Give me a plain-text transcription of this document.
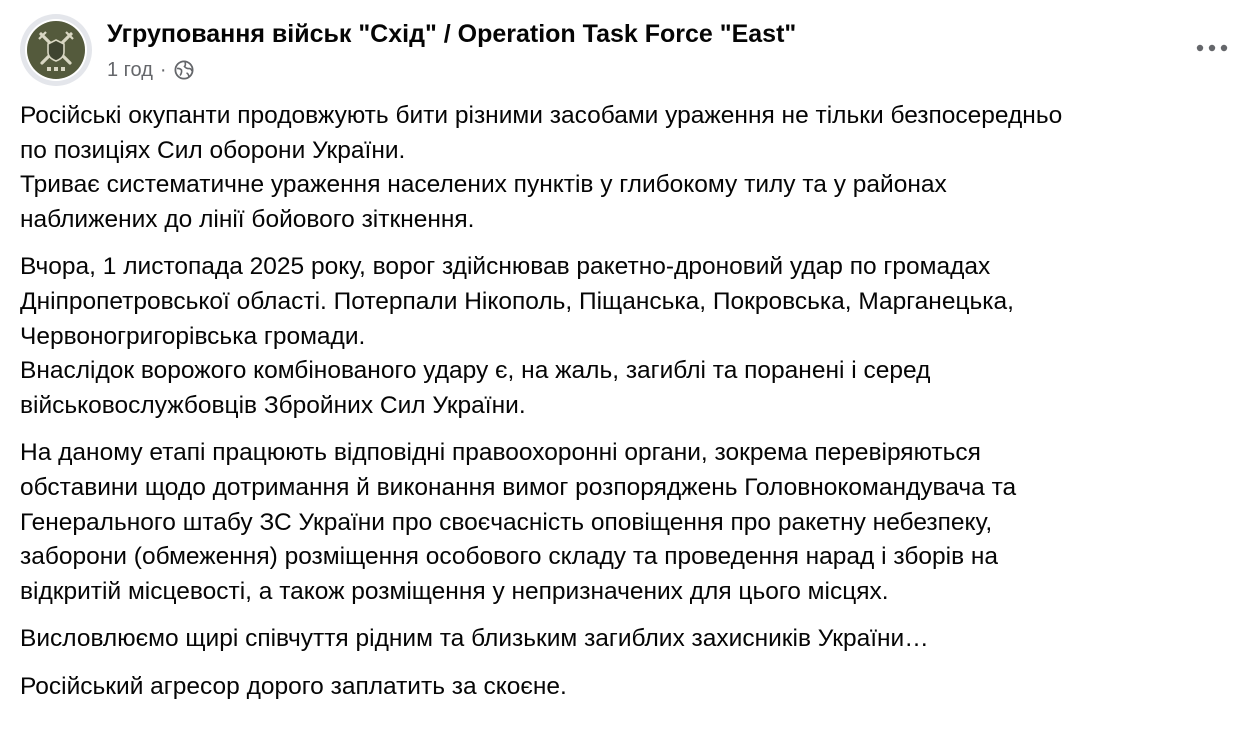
Угруповання військ "Схід" / Operation Task Force "East"
1 год ·

Російські окупанти продовжують бити різними засобами ураження не тільки безпосередньо
по позиціях Сил оборони України.
Триває систематичне ураження населених пунктів у глибокому тилу та у районах
наближених до лінії бойового зіткнення.

Вчора, 1 листопада 2025 року, ворог здійснював ракетно-дроновий удар по громадах
Дніпропетровської області. Потерпали Нікополь, Піщанська, Покровська, Марганецька,
Червоногригорівська громади.
Внаслідок ворожого комбінованого удару є, на жаль, загиблі та поранені і серед
військовослужбовців Збройних Сил України.

На даному етапі працюють відповідні правоохоронні органи, зокрема перевіряються
обставини щодо дотримання й виконання вимог розпоряджень Головнокомандувача та
Генерального штабу ЗС України про своєчасність оповіщення про ракетну небезпеку,
заборони (обмеження) розміщення особового складу та проведення нарад і зборів на
відкритій місцевості, а також розміщення у непризначених для цього місцях.

Висловлюємо щирі співчуття рідним та близьким загиблих захисників України…

Російський агресор дорого заплатить за скоєне.
